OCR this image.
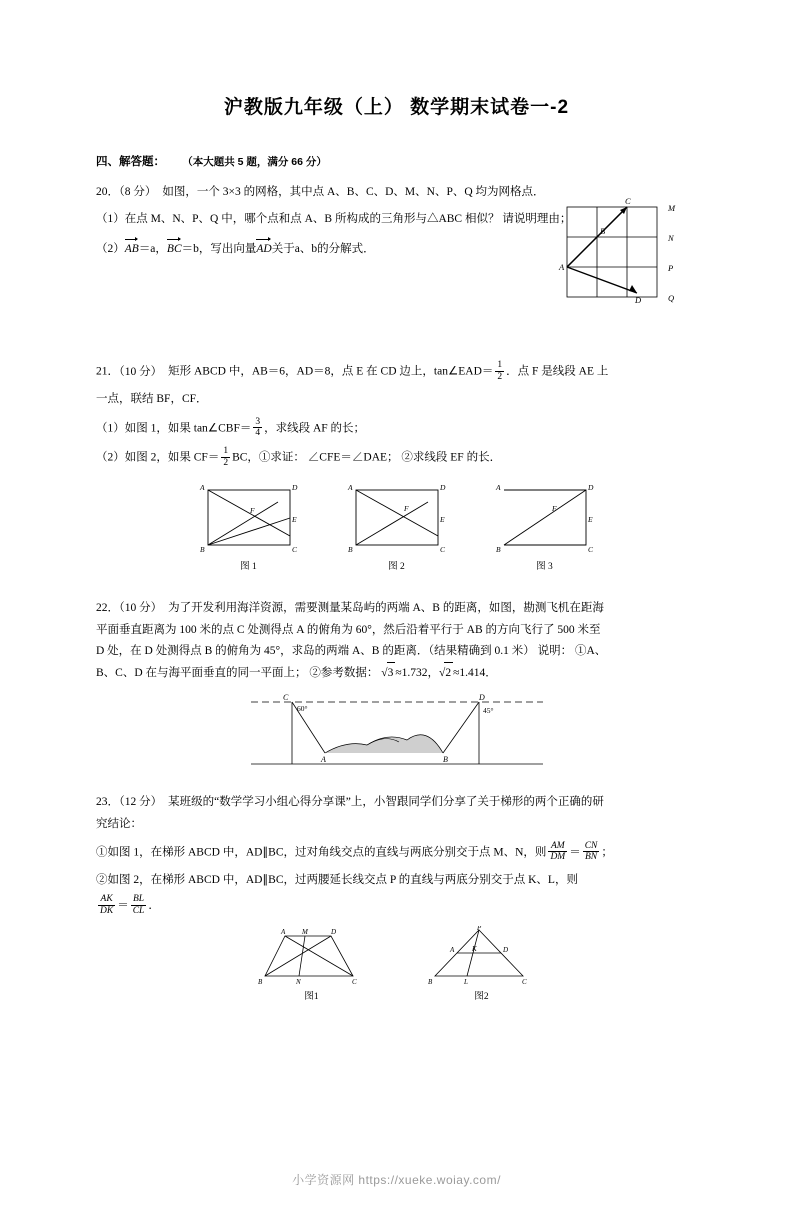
沪教版九年级（上） 数学期末试卷一-2
四、解答题： （本大题共 5 题，满分 66 分）
20．（8 分） 如图，一个 3×3 的网格，其中点 A、B、C、D、M、N、P、Q 均为网格点．
（1）在点 M、N、P、Q 中，哪个点和点 A、B 所构成的三角形与△ABC 相似？ 请说明理由；
（2）
AB＝a，
BC＝b，写出向量
AD关于a、b的分解式．
A
B
C
D
M
N
P
Q
21．（10 分） 矩形 ABCD 中，AB＝6，AD＝8，点 E 在 CD 边上，tan∠EAD＝ $\frac{1}{2}$ ．点 F 是线段 AE 上
一点，联结 BF，CF．
（1）如图 1，如果 tan∠CBF＝ $\frac{3}{4}$ ，求线段 AF 的长；
（2）如图 2，如果 $CF= \frac{1}{2}$ BC，①求证： ∠CFE＝∠DAE； ②求线段 EF 的长．
A	D
F
E
B	C
图 1
A	D
F
E
B	C
图 2
A	D
F
E
B	C
图 3
22．（10 分） 为了开发利用海洋资源，需要测量某岛屿的两端 A、B 的距离，如图，勘测飞机在距海
平面垂直距离为 100 米的点 C 处测得点 A 的俯角为 60°，然后沿着平行于 AB 的方向飞行了 500 米至
D 处，在 D 处测得点 B 的俯角为 45°，求岛的两端 A、B 的距离．（结果精确到 0.1 米） 说明： ①A、
B、C、D 在与海平面垂直的同一平面上； ②参考数据： √3 ≈1.732，√2 ≈1.414．
C	D
A	B
60°	45°
23．（12 分） 某班级的“数学学习小组心得分享课”上，小智跟同学们分享了关于梯形的两个正确的研
究结论：
①如图 1，在梯形 ABCD 中，AD∥BC，过对角线交点的直线与两底分别交于点 M、N，则 $\frac{AM}{DM} = \frac{CN}{BN}$ ；
②如图 2，在梯形 ABCD 中，AD∥BC，过两腰延长线交点 P 的直线与两底分别交于点 K、L，则
$\frac{AK}{DK} = \frac{BL}{CL}$ ．
A M	D
B	N	C
图1
P
A	K	D
B	L	C
图2
小学资源网 https://xueke.woiay.com/
